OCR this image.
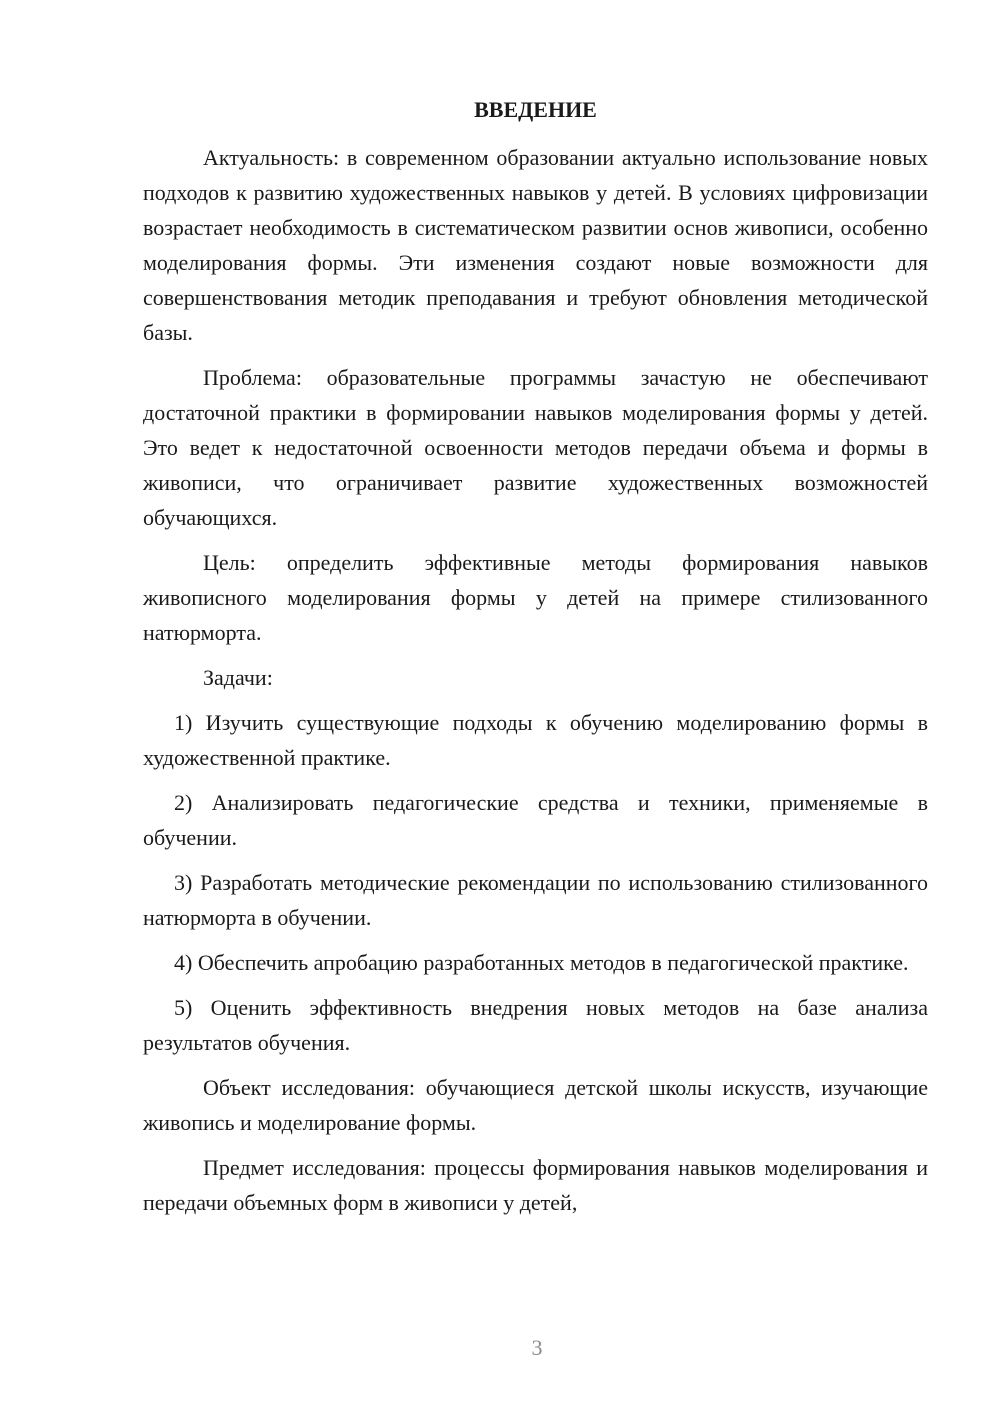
ВВЕДЕНИЕ

Актуальность: в современном образовании актуально использование новых подходов к развитию художественных навыков у детей. В условиях цифровизации возрастает необходимость в систематическом развитии основ живописи, особенно моделирования формы. Эти изменения создают новые возможности для совершенствования методик преподавания и требуют обновления методической базы.

Проблема: образовательные программы зачастую не обеспечивают достаточной практики в формировании навыков моделирования формы у детей. Это ведет к недостаточной освоенности методов передачи объема и формы в живописи, что ограничивает развитие художественных возможностей обучающихся.

Цель: определить эффективные методы формирования навыков живописного моделирования формы у детей на примере стилизованного натюрморта.

Задачи:

1) Изучить существующие подходы к обучению моделированию формы в художественной практике.

2) Анализировать педагогические средства и техники, применяемые в обучении.

3) Разработать методические рекомендации по использованию стилизованного натюрморта в обучении.

4) Обеспечить апробацию разработанных методов в педагогической практике.

5) Оценить эффективность внедрения новых методов на базе анализа результатов обучения.

Объект исследования: обучающиеся детской школы искусств, изучающие живопись и моделирование формы.

Предмет исследования: процессы формирования навыков моделирования и передачи объемных форм в живописи у детей,

3
